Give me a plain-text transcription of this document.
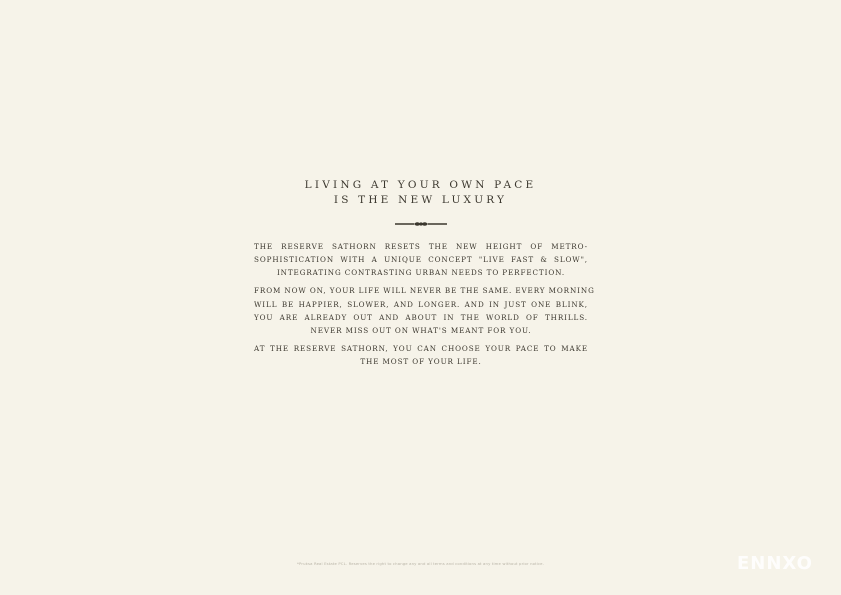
LIVING AT YOUR OWN PACE
IS THE NEW LUXURY
THE RESERVE SATHORN RESETS THE NEW HEIGHT OF METRO-
SOPHISTICATION WITH A UNIQUE CONCEPT "LIVE FAST & SLOW",
INTEGRATING CONTRASTING URBAN NEEDS TO PERFECTION.
FROM NOW ON, YOUR LIFE WILL NEVER BE THE SAME. EVERY MORNING
WILL BE HAPPIER, SLOWER, AND LONGER. AND IN JUST ONE BLINK,
YOU ARE ALREADY OUT AND ABOUT IN THE WORLD OF THRILLS.
NEVER MISS OUT ON WHAT'S MEANT FOR YOU.
AT THE RESERVE SATHORN, YOU CAN CHOOSE YOUR PACE TO MAKE
THE MOST OF YOUR LIFE.
*Pruksa Real Estate PCL. Reserves the right to change any and all terms and conditions at any time without prior notice.	ENNXO
